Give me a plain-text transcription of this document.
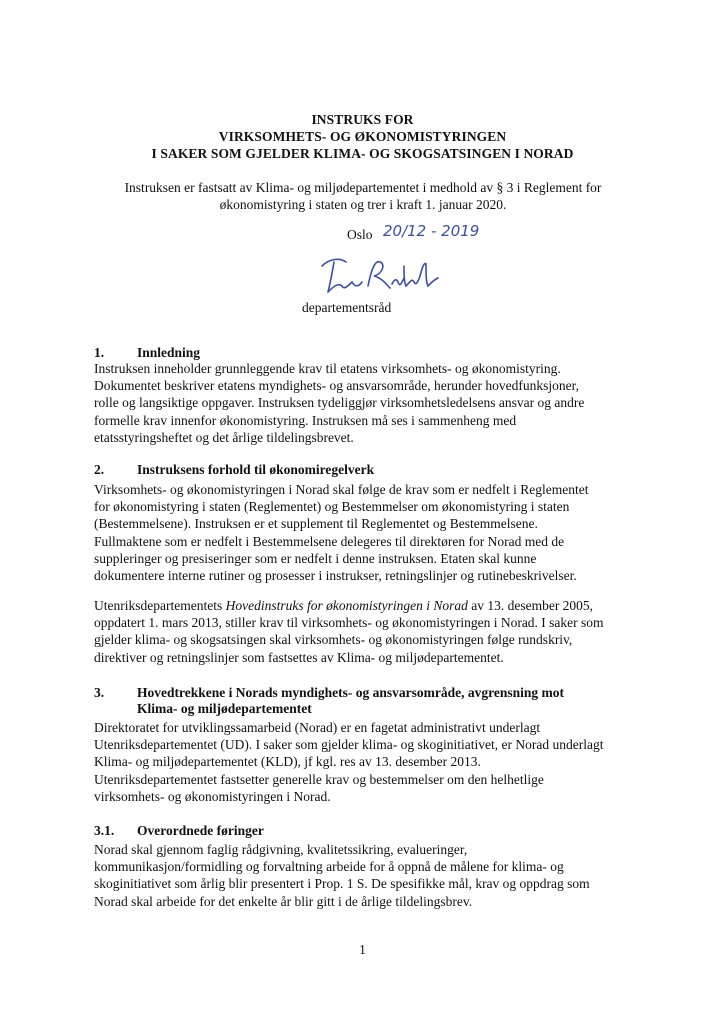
INSTRUKS FOR
VIRKSOMHETS- OG ØKONOMISTYRINGEN
I SAKER SOM GJELDER KLIMA- OG SKOGSATSINGEN I NORAD
Instruksen er fastsatt av Klima- og miljødepartementet i medhold av § 3 i Reglement for
økonomistyring i staten og trer i kraft 1. januar 2020.
Oslo 20/12 - 2019
departementsråd
1. Innledning
Instruksen inneholder grunnleggende krav til etatens virksomhets- og økonomistyring.
Dokumentet beskriver etatens myndighets- og ansvarsområde, herunder hovedfunksjoner,
rolle og langsiktige oppgaver. Instruksen tydeliggjør virksomhetsledelsens ansvar og andre
formelle krav innenfor økonomistyring. Instruksen må ses i sammenheng med
etatsstyringsheftet og det årlige tildelingsbrevet.
2. Instruksens forhold til økonomiregelverk
Virksomhets- og økonomistyringen i Norad skal følge de krav som er nedfelt i Reglementet
for økonomistyring i staten (Reglementet) og Bestemmelser om økonomistyring i staten
(Bestemmelsene). Instruksen er et supplement til Reglementet og Bestemmelsene.
Fullmaktene som er nedfelt i Bestemmelsene delegeres til direktøren for Norad med de
suppleringer og presiseringer som er nedfelt i denne instruksen. Etaten skal kunne
dokumentere interne rutiner og prosesser i instrukser, retningslinjer og rutinebeskrivelser.
Utenriksdepartementets Hovedinstruks for økonomistyringen i Norad av 13. desember 2005,
oppdatert 1. mars 2013, stiller krav til virksomhets- og økonomistyringen i Norad. I saker som
gjelder klima- og skogsatsingen skal virksomhets- og økonomistyringen følge rundskriv,
direktiver og retningslinjer som fastsettes av Klima- og miljødepartementet.
3. Hovedtrekkene i Norads myndighets- og ansvarsområde, avgrensning mot
Klima- og miljødepartementet
Direktoratet for utviklingssamarbeid (Norad) er en fagetat administrativt underlagt
Utenriksdepartementet (UD). I saker som gjelder klima- og skoginitiativet, er Norad underlagt
Klima- og miljødepartementet (KLD), jf kgl. res av 13. desember 2013.
Utenriksdepartementet fastsetter generelle krav og bestemmelser om den helhetlige
virksomhets- og økonomistyringen i Norad.
3.1. Overordnede føringer
Norad skal gjennom faglig rådgivning, kvalitetssikring, evalueringer,
kommunikasjon/formidling og forvaltning arbeide for å oppnå de målene for klima- og
skoginitiativet som årlig blir presentert i Prop. 1 S. De spesifikke mål, krav og oppdrag som
Norad skal arbeide for det enkelte år blir gitt i de årlige tildelingsbrev.
1
